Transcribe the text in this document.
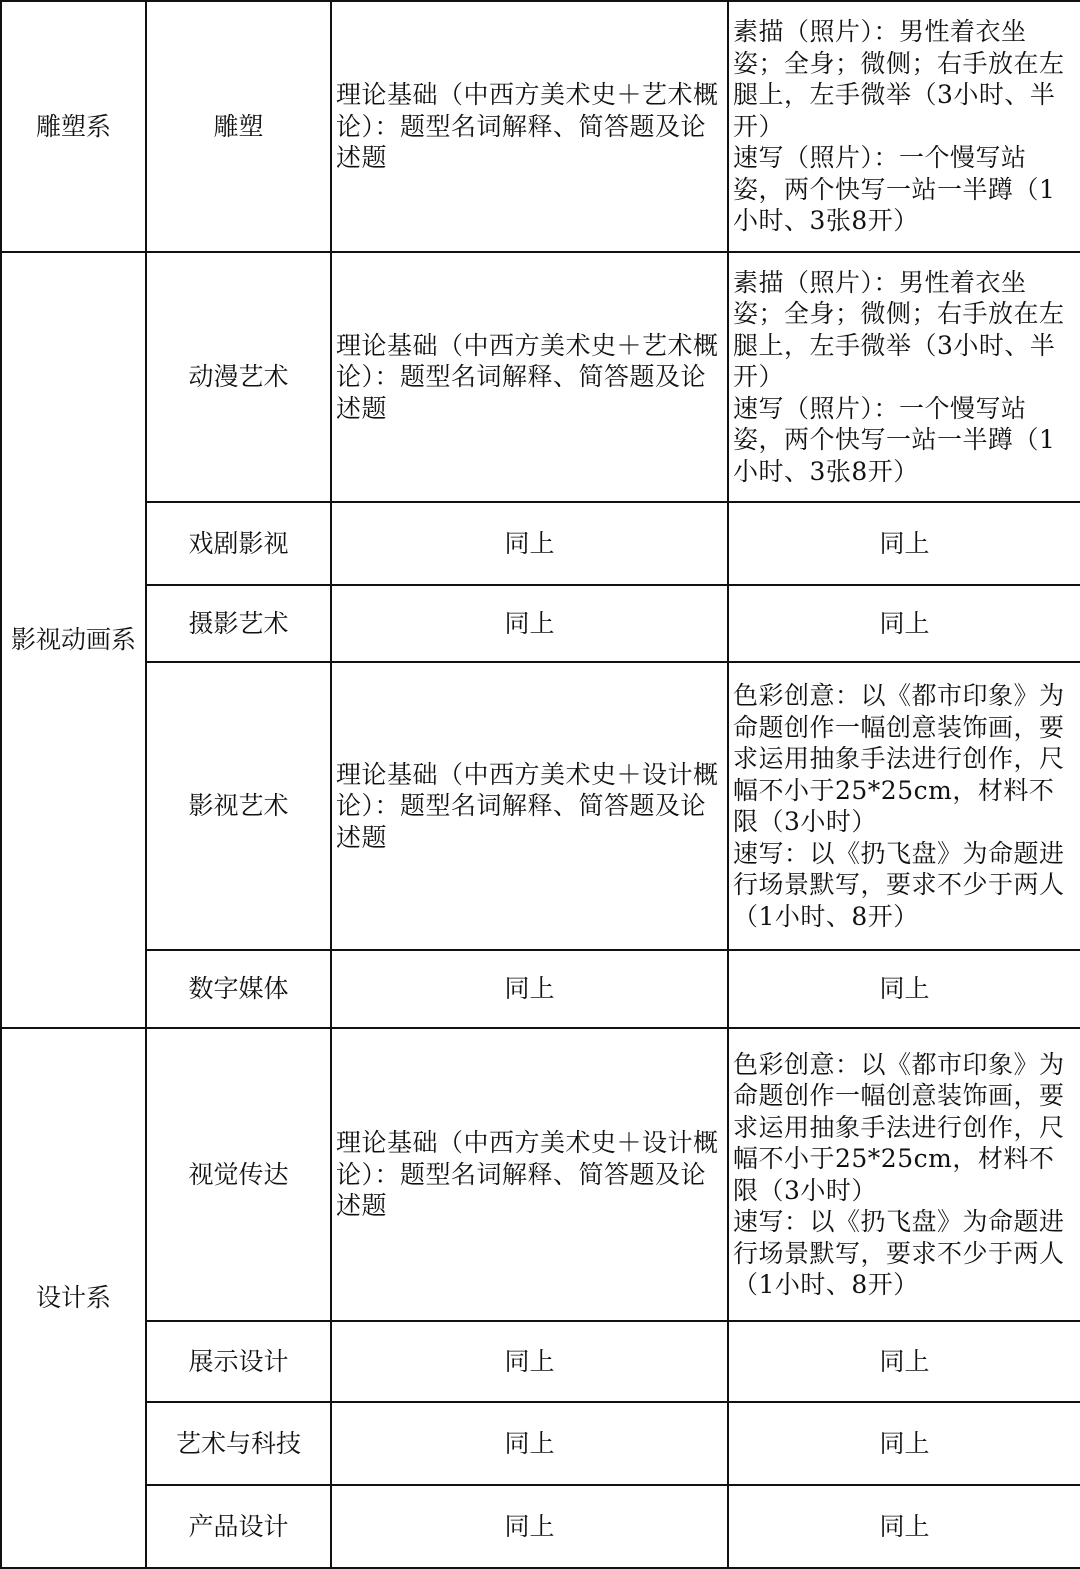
雕塑系	雕塑	理论基础（中西方美术史＋艺术概论）：题型名词解释、简答题及论述题	素描（照片）：男性着衣坐姿；全身；微侧；右手放在左腿上，左手微举（3小时、半开）
速写（照片）：一个慢写站姿，两个快写一站一半蹲（1小时、3张8开）
影视动画系	动漫艺术	理论基础（中西方美术史＋艺术概论）：题型名词解释、简答题及论述题	素描（照片）：男性着衣坐姿；全身；微侧；右手放在左腿上，左手微举（3小时、半开）
速写（照片）：一个慢写站姿，两个快写一站一半蹲（1小时、3张8开）
	戏剧影视	同上	同上
	摄影艺术	同上	同上
	影视艺术	理论基础（中西方美术史＋设计概论）：题型名词解释、简答题及论述题	色彩创意：以《都市印象》为命题创作一幅创意装饰画，要求运用抽象手法进行创作，尺幅不小于25*25cm，材料不限（3小时）
速写：以《扔飞盘》为命题进行场景默写，要求不少于两人（1小时、8开）
	数字媒体	同上	同上
设计系	视觉传达	理论基础（中西方美术史＋设计概论）：题型名词解释、简答题及论述题	色彩创意：以《都市印象》为命题创作一幅创意装饰画，要求运用抽象手法进行创作，尺幅不小于25*25cm，材料不限（3小时）
速写：以《扔飞盘》为命题进行场景默写，要求不少于两人（1小时、8开）
	展示设计	同上	同上
	艺术与科技	同上	同上
	产品设计	同上	同上
